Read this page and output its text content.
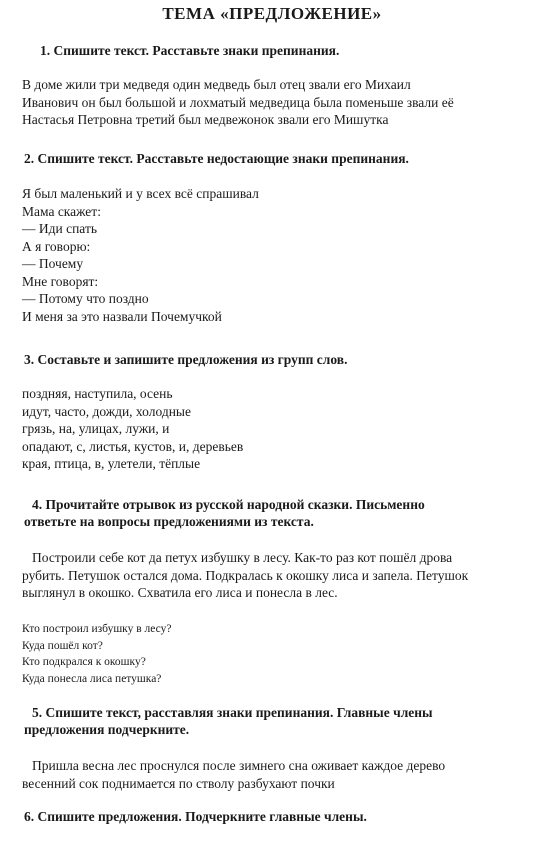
ТЕМА «ПРЕДЛОЖЕНИЕ»
1. Спишите текст. Расставьте знаки препинания.
В доме жили три медведя один медведь был отец звали его Михаил
Иванович он был большой и лохматый медведица была поменьше звали её
Настасья Петровна третий был медвежонок звали его Мишутка
2. Спишите текст. Расставьте недостающие знаки препинания.
Я был маленький и у всех всё спрашивал
Мама скажет:
— Иди спать
А я говорю:
— Почему
Мне говорят:
— Потому что поздно
И меня за это назвали Почемучкой
3. Составьте и запишите предложения из групп слов.
поздняя, наступила, осень
идут, часто, дожди, холодные
грязь, на, улицах, лужи, и
опадают, с, листья, кустов, и, деревьев
края, птица, в, улетели, тёплые
4. Прочитайте отрывок из русской народной сказки. Письменно
ответьте на вопросы предложениями из текста.
Построили себе кот да петух избушку в лесу. Как-то раз кот пошёл дрова
рубить. Петушок остался дома. Подкралась к окошку лиса и запела. Петушок
выглянул в окошко. Схватила его лиса и понесла в лес.
Кто построил избушку в лесу?
Куда пошёл кот?
Кто подкрался к окошку?
Куда понесла лиса петушка?
5. Спишите текст, расставляя знаки препинания. Главные члены
предложения подчеркните.
Пришла весна лес проснулся после зимнего сна оживает каждое дерево
весенний сок поднимается по стволу разбухают почки
6. Спишите предложения. Подчеркните главные члены.
